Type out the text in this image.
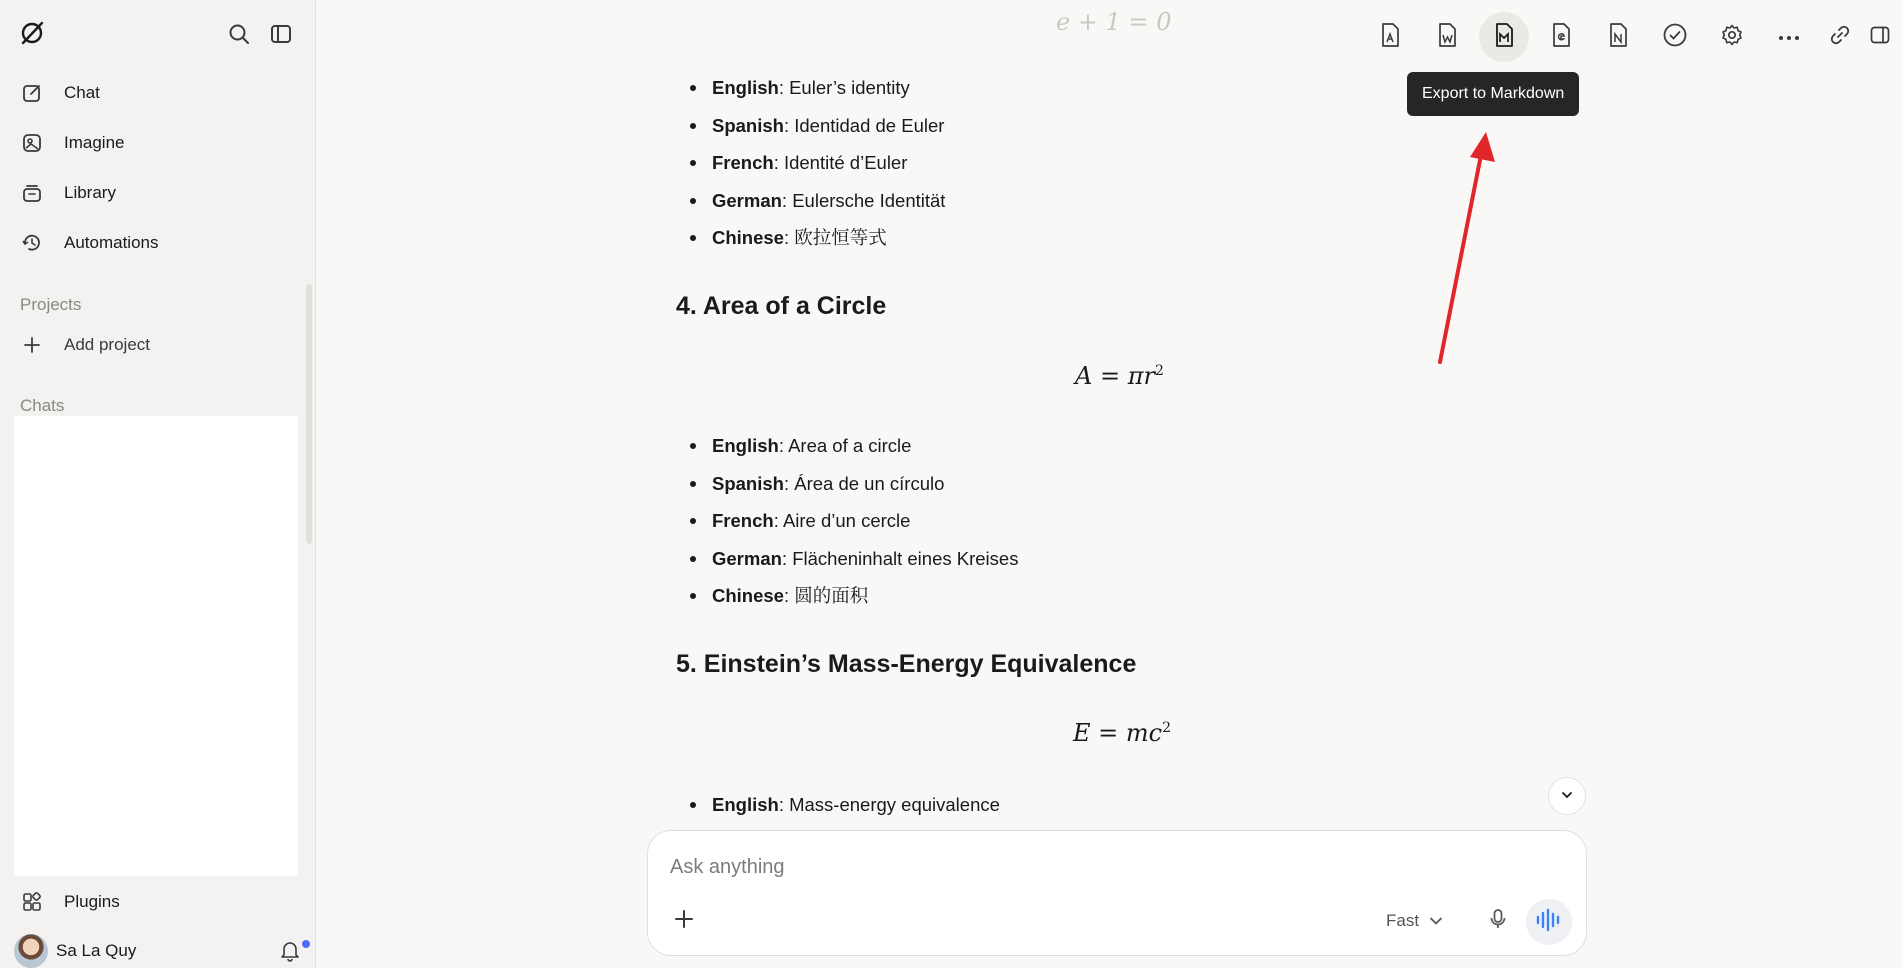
Chat
Imagine
Library
Automations
Projects
Add project
Chats
Plugins
Sa La Quy
Export to Markdown
e + 1 = 0
English: Euler’s identity
Spanish: Identidad de Euler
French: Identité d’Euler
German: Eulersche Identität
Chinese: 欧拉恒等式
4. Area of a Circle
$A = \pi r^2$
English: Area of a circle
Spanish: Área de un círculo
French: Aire d’un cercle
German: Flächeninhalt eines Kreises
Chinese: 圆的面积
5. Einstein’s Mass-Energy Equivalence
$E = mc^2$
English: Mass-energy equivalence
Ask anything
Fast
